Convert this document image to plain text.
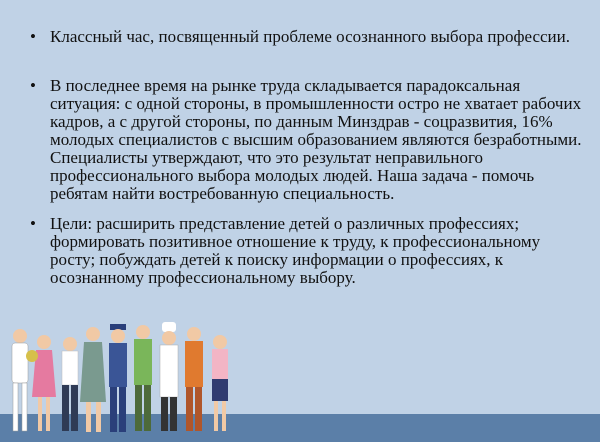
• Классный час, посвященный проблеме осознанного выбора профессии.
• В последнее время на рынке труда складывается парадоксальная ситуация: с одной стороны, в промышленности остро не хватает рабочих кадров, а с другой стороны, по данным Минздрав - соцразвития, 16% молодых специалистов с высшим образованием являются безработными. Специалисты утверждают, что это результат неправильного профессионального выбора молодых людей. Наша задача - помочь ребятам найти востребованную специальность.
• Цели: расширить представление детей о различных профессиях; формировать позитивное отношение к труду, к профессиональному росту; побуждать детей к поиску информации о профессиях, к осознанному профессиональному выбору.
